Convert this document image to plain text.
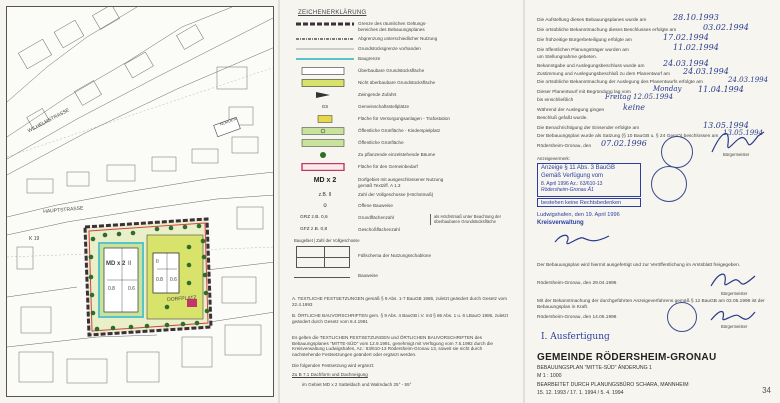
WILHELMSTRASSE
HAUPTSTRASSE
DORFPLATZ
NORDEN
K 19
MD x 2 II
0.8	0.6
II
0.8 0.6
ZEICHENERKLÄRUNG
Grenze des räumlichen Geltungs-
bereiches des Bebauungsplanes
Abgrenzung unterschiedlicher Nutzung
Grundstücksgrenze vorhanden
Baugrenze
Überbaubare Grundstücksfläche
Nicht überbaubare Grundstücksfläche
Zwingende Zufahrt
GS	Gemeinschaftsstellplätze
Fläche für Versorgungsanlagen - Trafostation
Öffentliche Grünfläche - Kinderspielplatz
Öffentliche Grünfläche
Zu pflanzende einzelstehende Bäume
Fläche für den Gemeinbedarf
MD x 2	Dorfgebiet mit ausgeschlossener Nutzung
gemäß Textziff. A 1.3
z.B. II	Zahl der Vollgeschosse (Höchstmaß)
o	Offene Bauweise
GRZ z.B. 0,6	Grundflächenzahl
GFZ z.B. 0,8	Geschoßflächenzahl
als Höchstmaß unter Beachtung der überbaubaren Grundstücksfläche
Baugebiet | Zahl der Vollgeschosse
Füllschema der Nutzungsschablone
Bauweise
A. TEXTLICHE FESTSETZUNGEN gemäß § 9 Abs. 1-7 BauGB 1986, zuletzt geändert durch Gesetz vom 22.4.1993
B. ÖRTLICHE BAUVORSCHRIFTEN gem. § 9 Abs. 4 BauGB i.V. mit § 86 Abs. 1 u. 6 LBauO 1986, zuletzt geändert durch Gesetz vom 8.4.1991
Es gelten die TEXTLICHEN FESTSETZUNGEN und ÖRTLICHEN BAUVORSCHRIFTEN des Bebauungsplanes "MITTE-SÜD" vom 12.9.1991, genehmigt mit Verfügung vom 7.5.1992 durch die Kreisverwaltung Ludwigshafen, Az.: 63/610-13 Rödersheim-Gronau 13, soweit sie nicht durch nachstehende Festsetzungen geändert oder ergänzt werden.
Die folgenden Festsetzung wird ergänzt:
Zu B 7.1 Dachform und Dachneigung
im Gebiet MD x 2 Satteldach und Walmdach 25° - 55°
Die Aufstellung dieses Bebauungsplanes wurde am	28.10.1993
Die ortsübliche Bekanntmachung dieses Beschlusses erfolgte am	03.02.1994
Die frühzeitige Bürgerbeteiligung erfolgte am	17.02.1994
Die öffentlichen Planungsträger wurden am	11.02.1994
um Stellungnahme gebeten.
Bekanntgabe und Auslegungsbeschluss wurde am 24.03.1994
Zustimmung und Auslegungsbeschluß zu dem Planentwurf am 24.03.1994
Die ortsübliche Bekanntmachung der Auslegung des Planentwurfs erfolgte am	24.03.1994
Dieser Planentwurf mit Begründung lag vom	Monday 11.04.1994
bis einschließlich	Freitag 12.05.1994
Während der Auslegung gingen keine
Beschluß gefaßt wurde.
Die Benachrichtigung der Einsender erfolgte am	13.05.1994
Der Bebauungsplan wurde als Satzung (§ 10 BauGB u. § 24 GemO) beschlossen am 13.05.1994
Rödersheim-Gronau, den 07.02.1996
Bürgermeister
Anzeigevermerk:
Anzeige § 11 Abs. 3 BauGB
Gemäß Verfügung vom
8. April 1996 Az.: 63/610-13
Rödersheim-Gronau Ä1
bestehen keine Rechtsbedenken
Ludwigshafen, den 19. April 1996
Kreisverwaltung
Der Bebauungsplan wird hiermit ausgefertigt und zur Veröffentlichung im Amtsblatt freigegeben.
Rödersheim-Gronau, den 29.04.1996
Bürgermeister
Mit der Bekanntmachung der durchgeführten Anzeigeverfahrens gemäß § 12 BauGB am 02.05.1996 ist der Bebauungsplan in Kraft.
Rödersheim-Gronau, den 14.05.1996
Bürgermeister
I. Ausfertigung
GEMEINDE RÖDERSHEIM-GRONAU
BEBAUUNGSPLAN "MITTE-SÜD" ÄNDERUNG 1
M 1 : 1000
BEARBEITET DURCH PLANUNGSBÜRO SCHARA, MANNHEIM
15. 12. 1993 / 17. 1. 1994 / 5. 4. 1994	34
